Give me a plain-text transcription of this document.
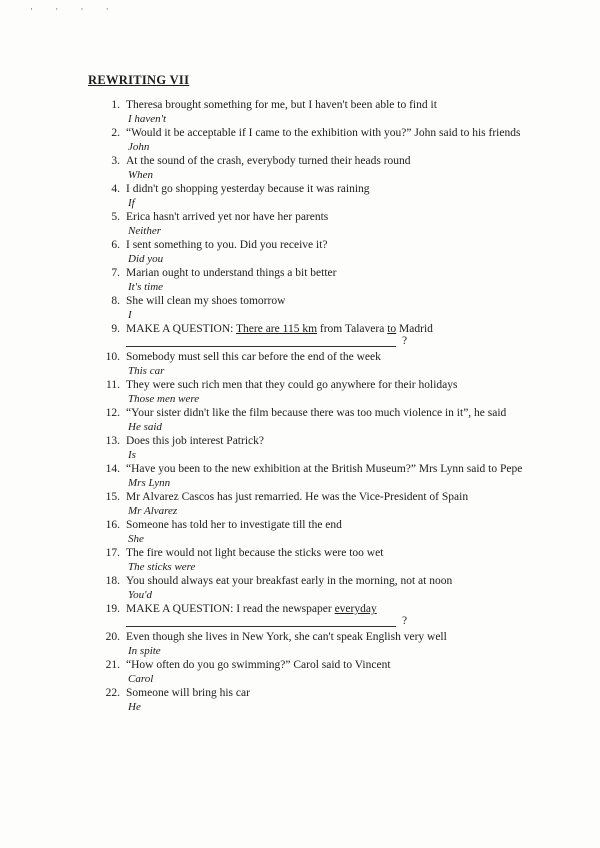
· · · ·
REWRITING VII
1. Theresa brought something for me, but I haven't been able to find it
I haven't
2. “Would it be acceptable if I came to the exhibition with you?” John said to his friends
John
3. At the sound of the crash, everybody turned their heads round
When
4. I didn't go shopping yesterday because it was raining
If
5. Erica hasn't arrived yet nor have her parents
Neither
6. I sent something to you. Did you receive it?
Did you
7. Marian ought to understand things a bit better
It's time
8. She will clean my shoes tomorrow
I
9. MAKE A QUESTION: There are 115 km from Talavera to Madrid
?
10. Somebody must sell this car before the end of the week
This car
11. They were such rich men that they could go anywhere for their holidays
Those men were
12. “Your sister didn't like the film because there was too much violence in it”, he said
He said
13. Does this job interest Patrick?
Is
14. “Have you been to the new exhibition at the British Museum?” Mrs Lynn said to Pepe
Mrs Lynn
15. Mr Alvarez Cascos has just remarried. He was the Vice-President of Spain
Mr Alvarez
16. Someone has told her to investigate till the end
She
17. The fire would not light because the sticks were too wet
The sticks were
18. You should always eat your breakfast early in the morning, not at noon
You'd
19. MAKE A QUESTION: I read the newspaper everyday
?
20. Even though she lives in New York, she can't speak English very well
In spite
21. “How often do you go swimming?” Carol said to Vincent
Carol
22. Someone will bring his car
He
